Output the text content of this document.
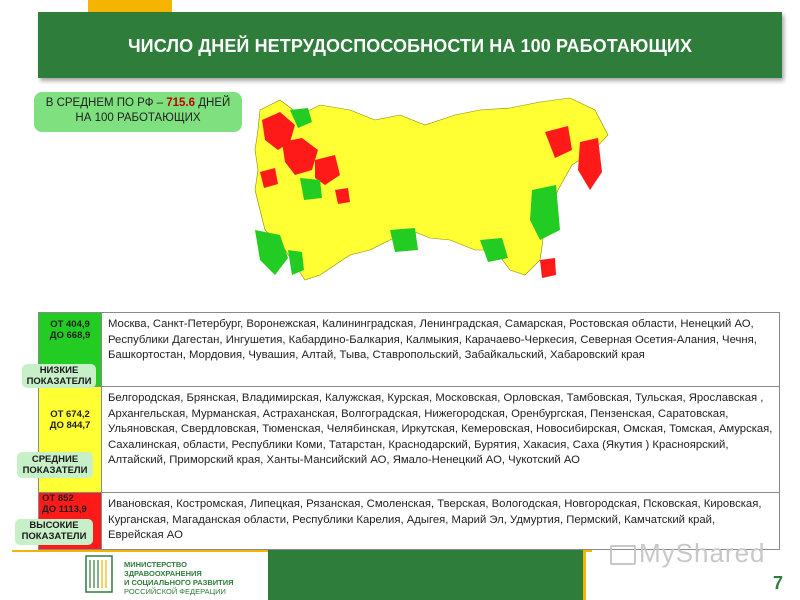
ЧИСЛО ДНЕЙ НЕТРУДОСПОСОБНОСТИ НА 100 РАБОТАЮЩИХ
В СРЕДНЕМ ПО РФ – 715.6 ДНЕЙ
НА 100 РАБОТАЮЩИХ
ОТ 404,9
ДО 668,9
Москва, Санкт-Петербург, Воронежская, Калининградская, Ленинградская, Самарская, Ростовская области, Ненецкий АО, Республики Дагестан, Ингушетия, Кабардино-Балкария, Калмыкия, Карачаево-Черкесия, Северная Осетия-Алания, Чечня, Башкортостан, Мордовия, Чувашия, Алтай, Тыва, Ставропольский, Забайкальский, Хабаровский края
ОТ 674,2
ДО 844,7
Белгородская, Брянская, Владимирская, Калужская, Курская, Московская, Орловская, Тамбовская, Тульская, Ярославская , Архангельская, Мурманская, Астраханская, Волгоградская, Нижегородская, Оренбургская, Пензенская, Саратовская, Ульяновская, Свердловская, Тюменская, Челябинская, Иркутская, Кемеровская, Новосибирская, Омская, Томская, Амурская, Сахалинская, области, Республики Коми, Татарстан, Краснодарский, Бурятия, Хакасия, Саха (Якутия ) Красноярский, Алтайский, Приморский края, Ханты-Мансийский АО, Ямало-Ненецкий АО, Чукотский АО
ОТ 852
ДО 1113,9	Ивановская, Костромская, Липецкая, Рязанская, Смоленская, Тверская, Вологодская, Новгородская, Псковская, Кировская, Курганская, Магаданская области, Республики Карелия, Адыгея, Марий Эл, Удмуртия, Пермский, Камчатский край, Еврейская АО
НИЗКИЕ
ПОКАЗАТЕЛИ
СРЕДНИЕ
ПОКАЗАТЕЛИ
ВЫСОКИЕ
ПОКАЗАТЕЛИ
МИНИСТЕРСТВО
ЗДРАВООХРАНЕНИЯ
И СОЦИАЛЬНОГО РАЗВИТИЯ
РОССИЙСКОЙ ФЕДЕРАЦИИ
MyShared
7
